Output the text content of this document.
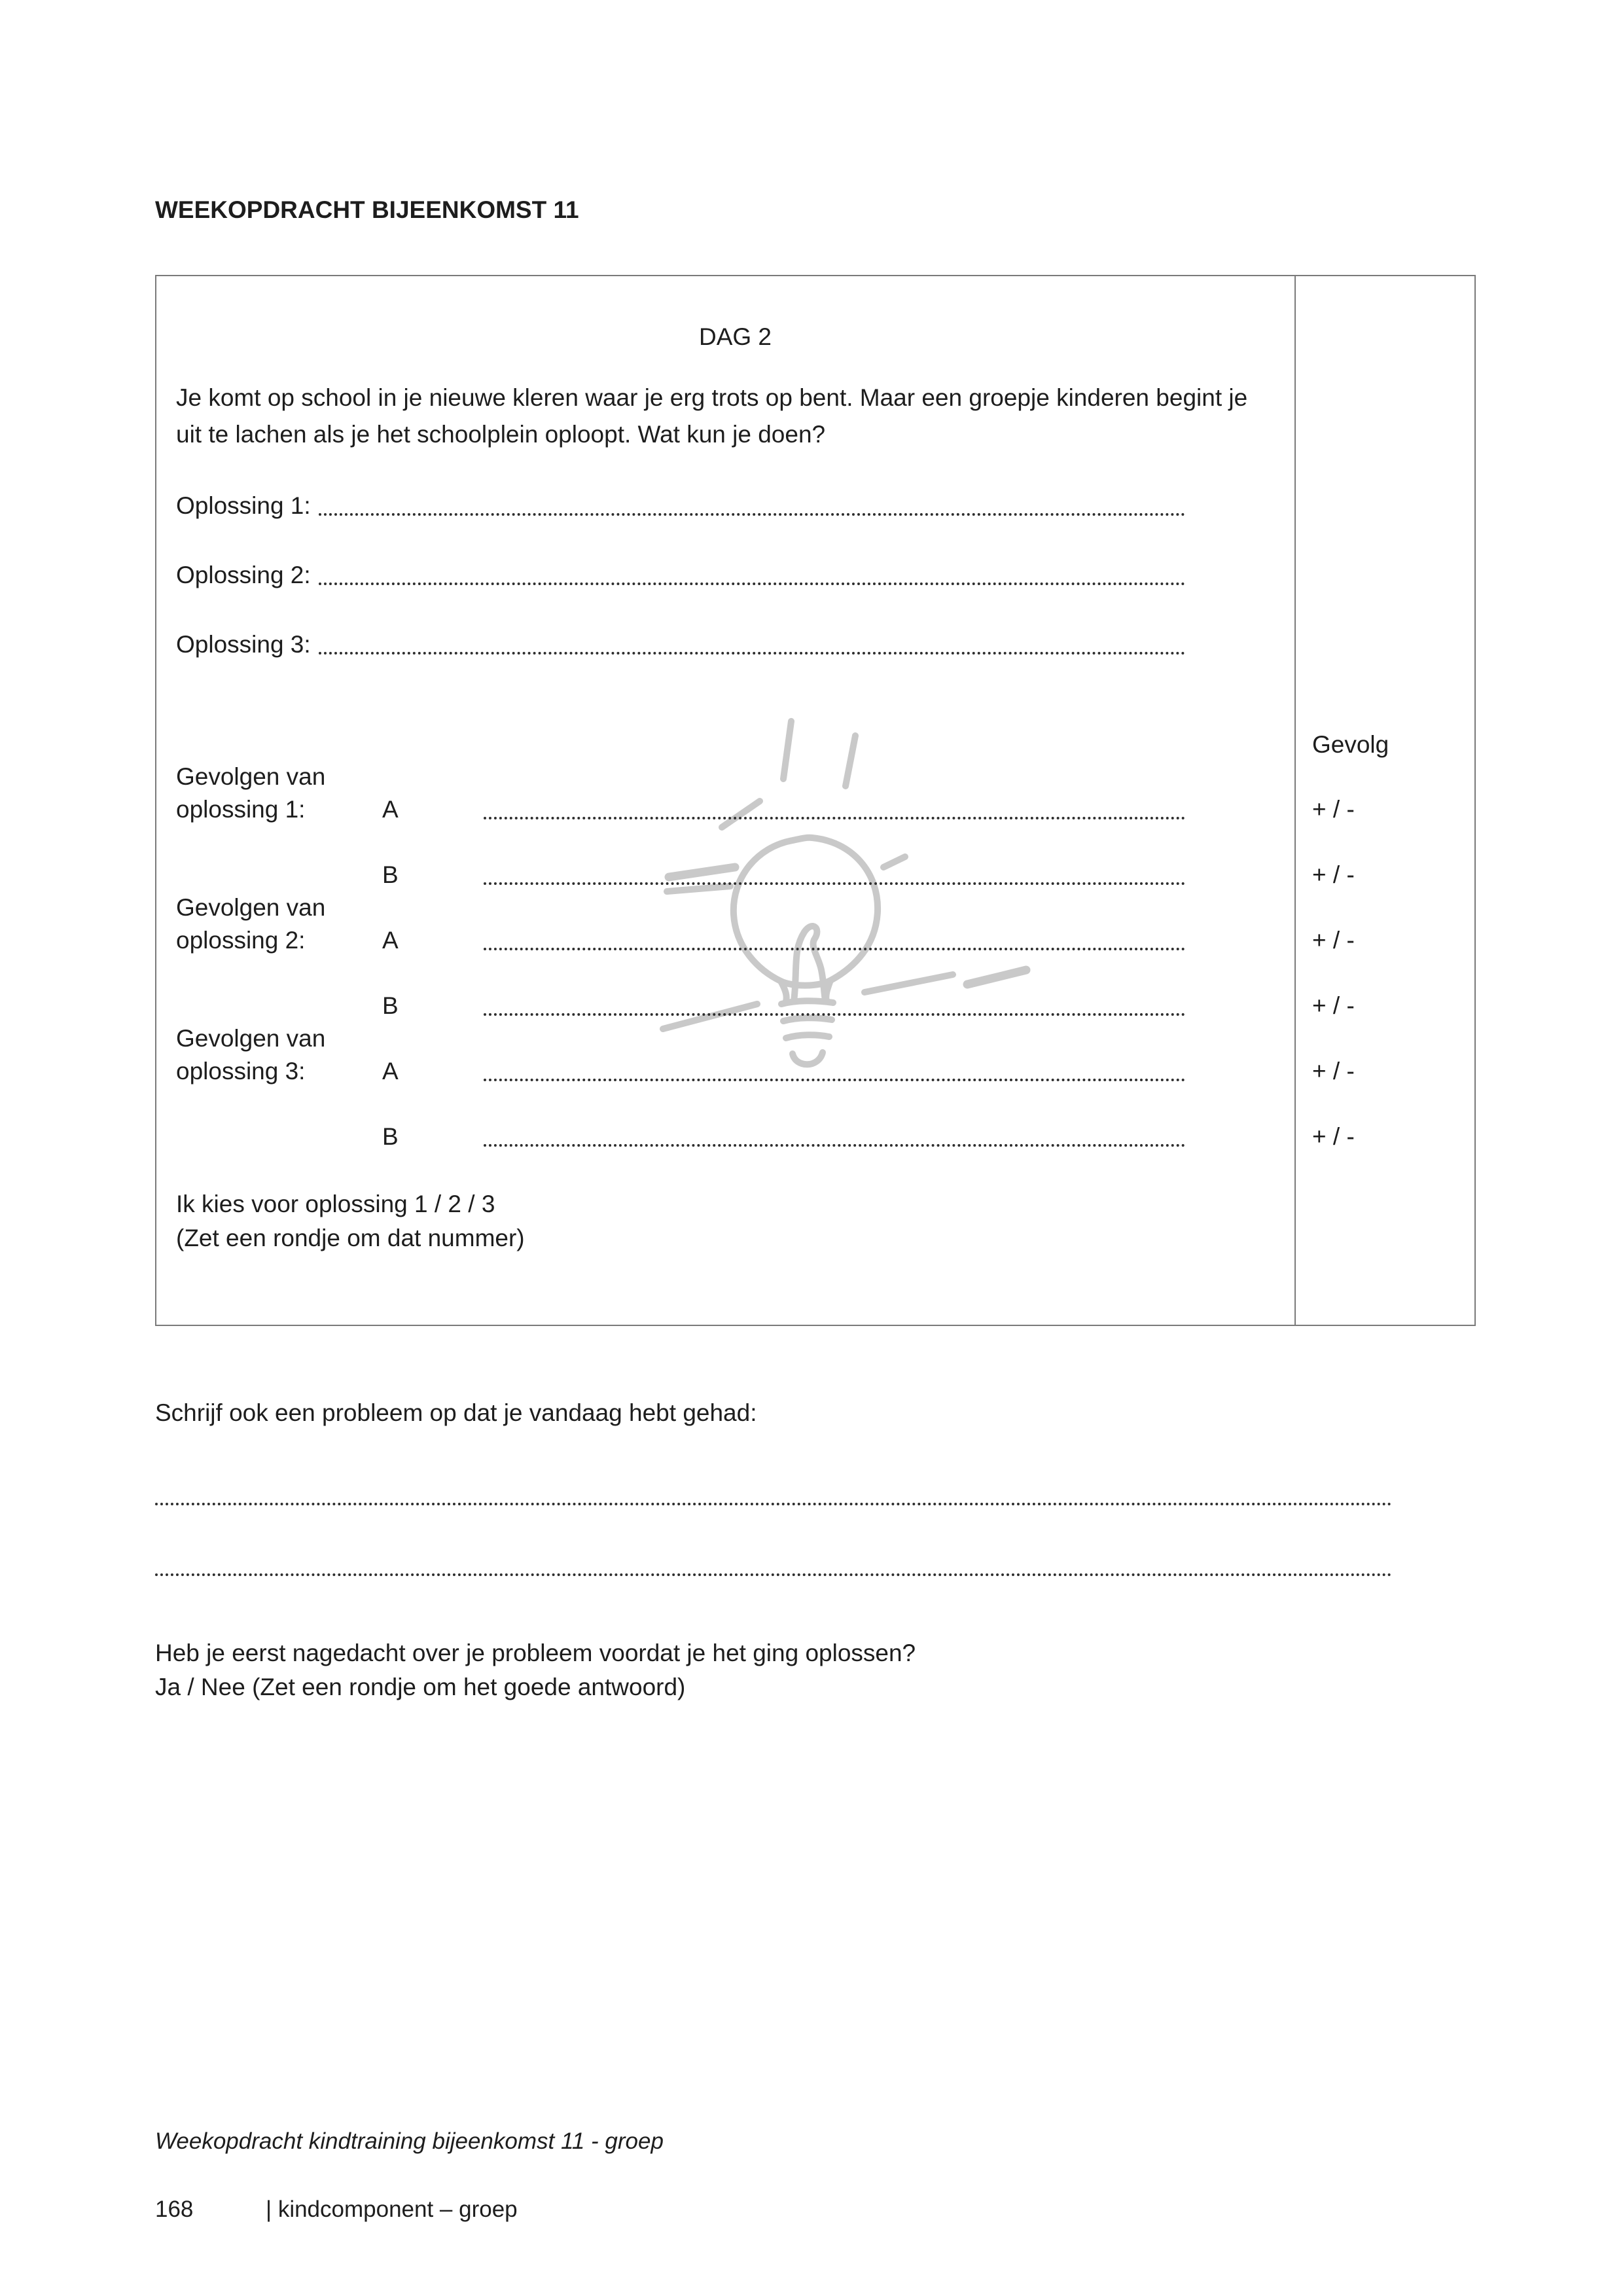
WEEKOPDRACHT BIJEENKOMST 11
DAG 2
Je komt op school in je nieuwe kleren waar je erg trots op bent. Maar een groepje kinderen begint je uit te lachen als je het schoolplein oploopt. Wat kun je doen?
Oplossing 1:
Oplossing 2:
Oplossing 3:
Gevolg
Gevolgen van
oplossing 1:	A	+ / -
B	+ / -
Gevolgen van
oplossing 2:	A	+ / -
B	+ / -
Gevolgen van
oplossing 3:	A	+ / -
B	+ / -

Ik kies voor oplossing 1 / 2 / 3

(Zet een rondje om dat nummer)

Schrijf ook een probleem op dat je vandaag hebt gehad:

Heb je eerst nagedacht over je probleem voordat je het ging oplossen?

Ja / Nee (Zet een rondje om het goede antwoord)

Weekopdracht kindtraining bijeenkomst 11 - groep

168	| kindcomponent – groep
